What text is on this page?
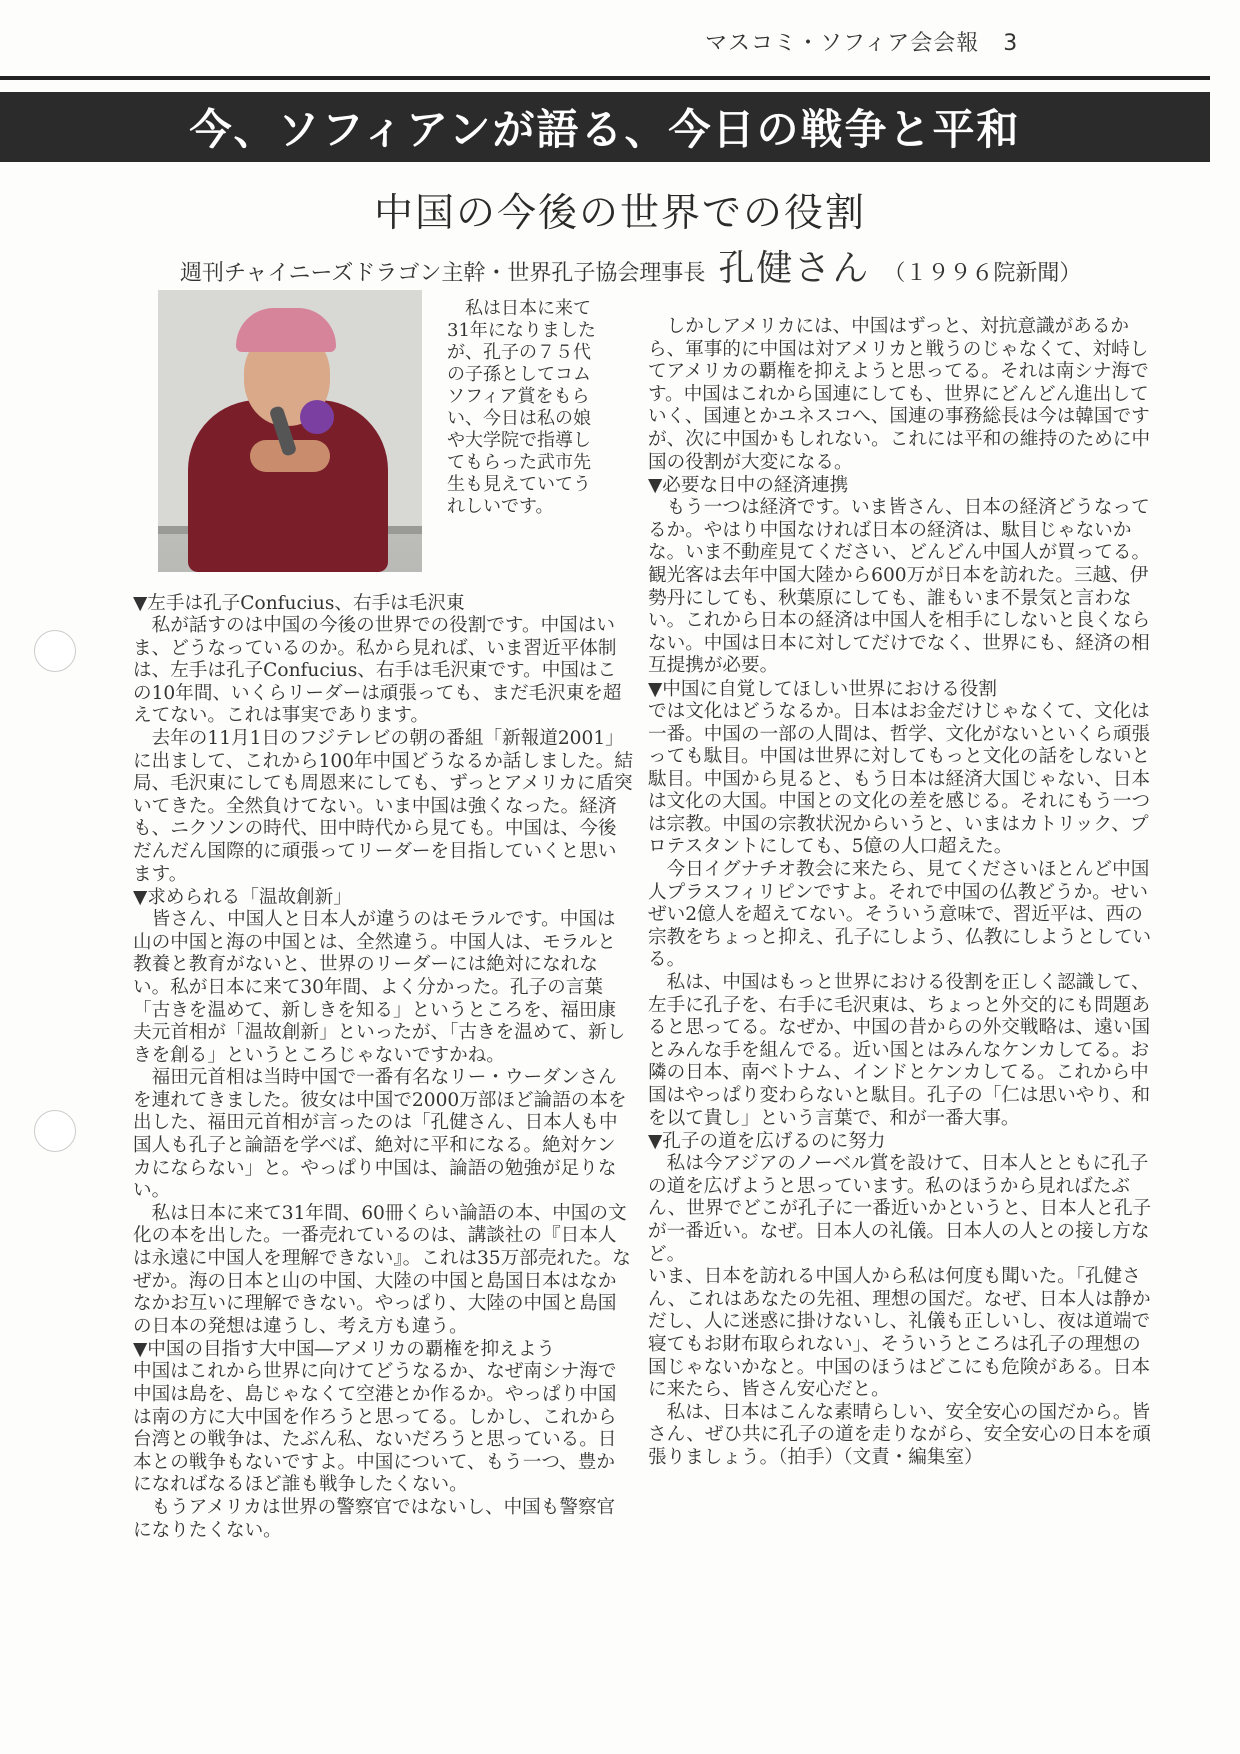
マスコミ・ソフィア会会報 3
今、ソフィアンが語る、今日の戦争と平和
中国の今後の世界での役割
週刊チャイニーズドラゴン主幹・世界孔子協会理事長 孔健さん （１９９６院新聞）

私は日本に来て31年になりましたが、孔子の７５代の子孫としてコムソフィア賞をもらい、今日は私の娘や大学院で指導してもらった武市先生も見えていてうれしいです。

▼左手は孔子Confucius、右手は毛沢東

私が話すのは中国の今後の世界での役割です。中国はいま、どうなっているのか。私から見れば、いま習近平体制は、左手は孔子Confucius、右手は毛沢東です。中国はこの10年間、いくらリーダーは頑張っても、まだ毛沢東を超えてない。これは事実であります。

去年の11月1日のフジテレビの朝の番組「新報道2001」に出まして、これから100年中国どうなるか話しました。結局、毛沢東にしても周恩来にしても、ずっとアメリカに盾突いてきた。全然負けてない。いま中国は強くなった。経済も、ニクソンの時代、田中時代から見ても。中国は、今後だんだん国際的に頑張ってリーダーを目指していくと思います。

▼求められる「温故創新」

皆さん、中国人と日本人が違うのはモラルです。中国は山の中国と海の中国とは、全然違う。中国人は、モラルと教養と教育がないと、世界のリーダーには絶対になれない。私が日本に来て30年間、よく分かった。孔子の言葉「古きを温めて、新しきを知る」というところを、福田康夫元首相が「温故創新」といったが、「古きを温めて、新しきを創る」というところじゃないですかね。

福田元首相は当時中国で一番有名なリー・ウーダンさんを連れてきました。彼女は中国で2000万部ほど論語の本を出した、福田元首相が言ったのは「孔健さん、日本人も中国人も孔子と論語を学べば、絶対に平和になる。絶対ケンカにならない」と。やっぱり中国は、論語の勉強が足りない。

私は日本に来て31年間、60冊くらい論語の本、中国の文化の本を出した。一番売れているのは、講談社の『日本人は永遠に中国人を理解できない』。これは35万部売れた。なぜか。海の日本と山の中国、大陸の中国と島国日本はなかなかお互いに理解できない。やっぱり、大陸の中国と島国の日本の発想は違うし、考え方も違う。

▼中国の目指す大中国―アメリカの覇権を抑えよう

中国はこれから世界に向けてどうなるか、なぜ南シナ海で中国は島を、島じゃなくて空港とか作るか。やっぱり中国は南の方に大中国を作ろうと思ってる。しかし、これから台湾との戦争は、たぶん私、ないだろうと思っている。日本との戦争もないですよ。中国について、もう一つ、豊かになればなるほど誰も戦争したくない。

もうアメリカは世界の警察官ではないし、中国も警察官になりたくない。

しかしアメリカには、中国はずっと、対抗意識があるから、軍事的に中国は対アメリカと戦うのじゃなくて、対峙してアメリカの覇権を抑えようと思ってる。それは南シナ海です。中国はこれから国連にしても、世界にどんどん進出していく、国連とかユネスコへ、国連の事務総長は今は韓国ですが、次に中国かもしれない。これには平和の維持のために中国の役割が大変になる。

▼必要な日中の経済連携

もう一つは経済です。いま皆さん、日本の経済どうなってるか。やはり中国なければ日本の経済は、駄目じゃないかな。いま不動産見てください、どんどん中国人が買ってる。観光客は去年中国大陸から600万が日本を訪れた。三越、伊勢丹にしても、秋葉原にしても、誰もいま不景気と言わない。これから日本の経済は中国人を相手にしないと良くならない。中国は日本に対してだけでなく、世界にも、経済の相互提携が必要。

▼中国に自覚してほしい世界における役割

では文化はどうなるか。日本はお金だけじゃなくて、文化は一番。中国の一部の人間は、哲学、文化がないといくら頑張っても駄目。中国は世界に対してもっと文化の話をしないと駄目。中国から見ると、もう日本は経済大国じゃない、日本は文化の大国。中国との文化の差を感じる。それにもう一つは宗教。中国の宗教状況からいうと、いまはカトリック、プロテスタントにしても、5億の人口超えた。

今日イグナチオ教会に来たら、見てくださいほとんど中国人プラスフィリピンですよ。それで中国の仏教どうか。せいぜい2億人を超えてない。そういう意味で、習近平は、西の宗教をちょっと抑え、孔子にしよう、仏教にしようとしている。

私は、中国はもっと世界における役割を正しく認識して、左手に孔子を、右手に毛沢東は、ちょっと外交的にも問題あると思ってる。なぜか、中国の昔からの外交戦略は、遠い国とみんな手を組んでる。近い国とはみんなケンカしてる。お隣の日本、南ベトナム、インドとケンカしてる。これから中国はやっぱり変わらないと駄目。孔子の「仁は思いやり、和を以て貴し」という言葉で、和が一番大事。

▼孔子の道を広げるのに努力

私は今アジアのノーベル賞を設けて、日本人とともに孔子の道を広げようと思っています。私のほうから見ればたぶん、世界でどこが孔子に一番近いかというと、日本人と孔子が一番近い。なぜ。日本人の礼儀。日本人の人との接し方など。

いま、日本を訪れる中国人から私は何度も聞いた。「孔健さん、これはあなたの先祖、理想の国だ。なぜ、日本人は静かだし、人に迷惑に掛けないし、礼儀も正しいし、夜は道端で寝てもお財布取られない」、そういうところは孔子の理想の国じゃないかなと。中国のほうはどこにも危険がある。日本に来たら、皆さん安心だと。

私は、日本はこんな素晴らしい、安全安心の国だから。皆さん、ぜひ共に孔子の道を走りながら、安全安心の日本を頑張りましょう。（拍手）（文責・編集室）
